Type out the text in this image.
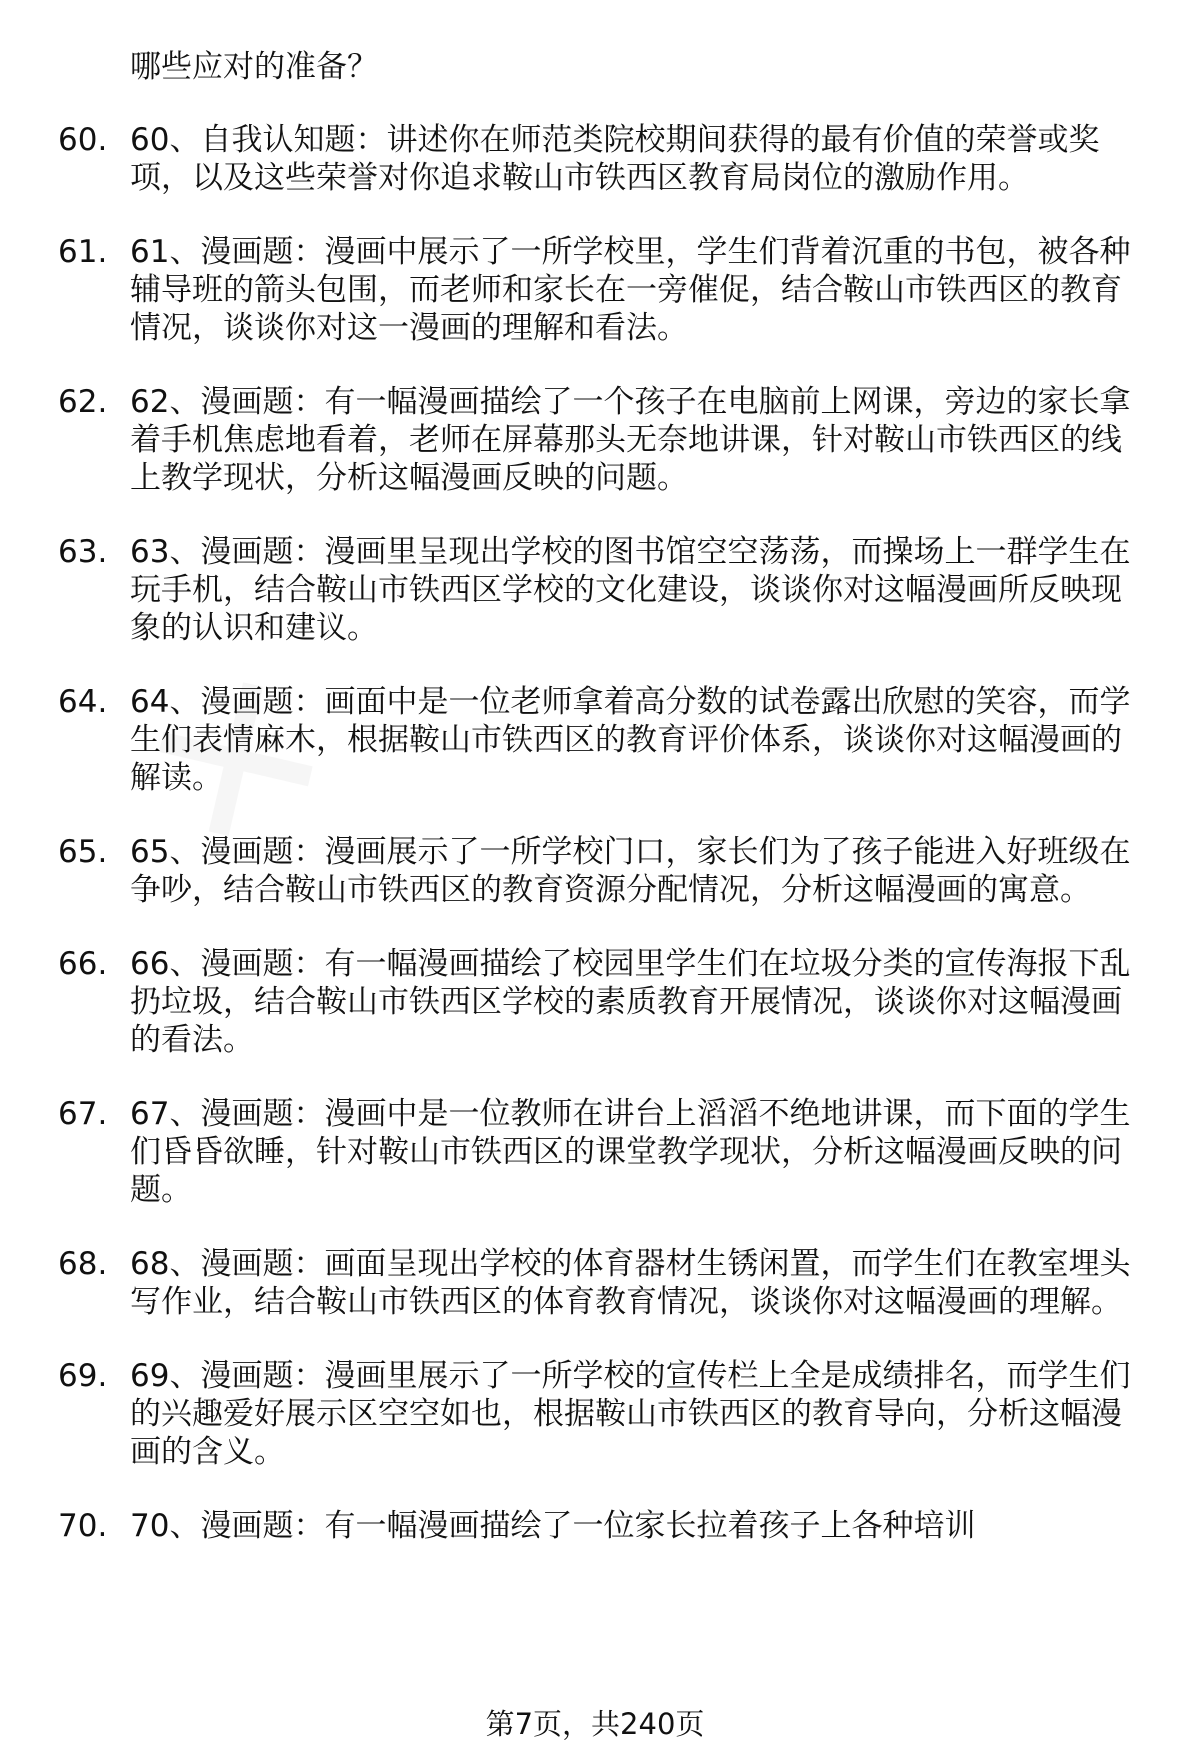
哪些应对的准备？
60. 60、自我认知题：讲述你在师范类院校期间获得的最有价值的荣誉或奖项，以及这些荣誉对你追求鞍山市铁西区教育局岗位的激励作用。
61. 61、漫画题：漫画中展示了一所学校里，学生们背着沉重的书包，被各种辅导班的箭头包围，而老师和家长在一旁催促，结合鞍山市铁西区的教育情况，谈谈你对这一漫画的理解和看法。
62. 62、漫画题：有一幅漫画描绘了一个孩子在电脑前上网课，旁边的家长拿着手机焦虑地看着，老师在屏幕那头无奈地讲课，针对鞍山市铁西区的线上教学现状，分析这幅漫画反映的问题。
63. 63、漫画题：漫画里呈现出学校的图书馆空空荡荡，而操场上一群学生在玩手机，结合鞍山市铁西区学校的文化建设，谈谈你对这幅漫画所反映现象的认识和建议。
64. 64、漫画题：画面中是一位老师拿着高分数的试卷露出欣慰的笑容，而学生们表情麻木，根据鞍山市铁西区的教育评价体系，谈谈你对这幅漫画的解读。
65. 65、漫画题：漫画展示了一所学校门口，家长们为了孩子能进入好班级在争吵，结合鞍山市铁西区的教育资源分配情况，分析这幅漫画的寓意。
66. 66、漫画题：有一幅漫画描绘了校园里学生们在垃圾分类的宣传海报下乱扔垃圾，结合鞍山市铁西区学校的素质教育开展情况，谈谈你对这幅漫画的看法。
67. 67、漫画题：漫画中是一位教师在讲台上滔滔不绝地讲课，而下面的学生们昏昏欲睡，针对鞍山市铁西区的课堂教学现状，分析这幅漫画反映的问题。
68. 68、漫画题：画面呈现出学校的体育器材生锈闲置，而学生们在教室埋头写作业，结合鞍山市铁西区的体育教育情况，谈谈你对这幅漫画的理解。
69. 69、漫画题：漫画里展示了一所学校的宣传栏上全是成绩排名，而学生们的兴趣爱好展示区空空如也，根据鞍山市铁西区的教育导向，分析这幅漫画的含义。
70. 70、漫画题：有一幅漫画描绘了一位家长拉着孩子上各种培训
第7页，共240页
